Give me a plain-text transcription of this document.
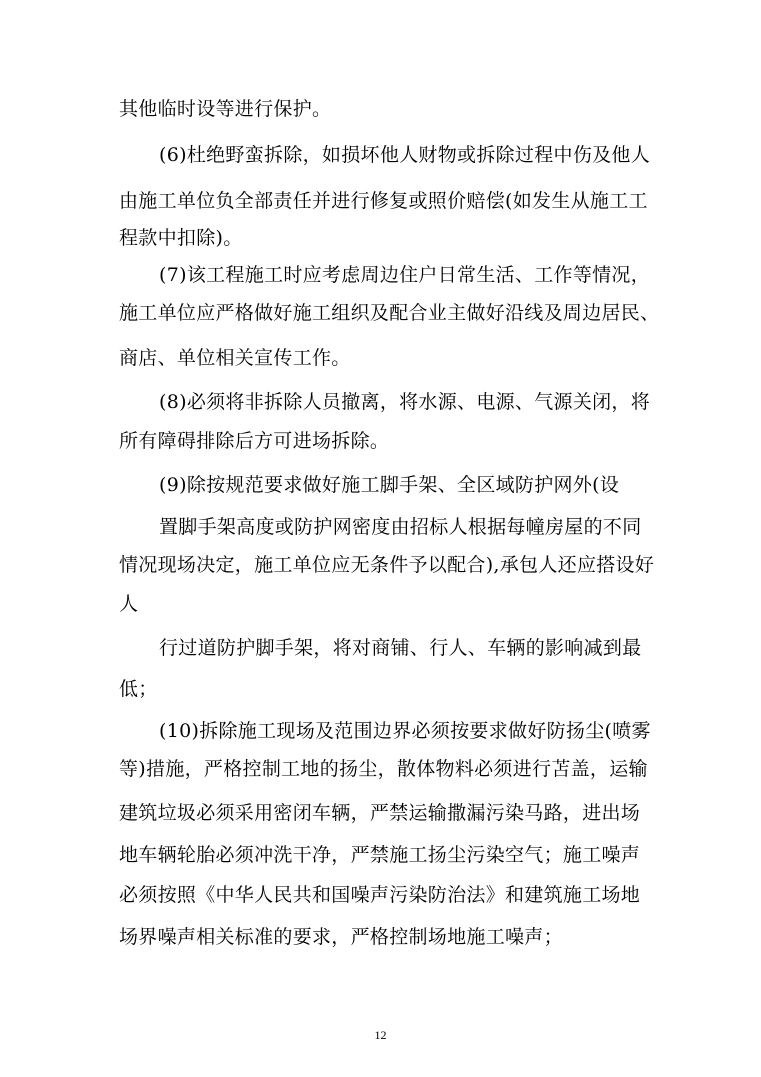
其他临时设等进行保护。
(6)杜绝野蛮拆除，如损坏他人财物或拆除过程中伤及他人
由施工单位负全部责任并进行修复或照价赔偿(如发生从施工工
程款中扣除)。
(7)该工程施工时应考虑周边住户日常生活、工作等情况，
施工单位应严格做好施工组织及配合业主做好沿线及周边居民、
商店、单位相关宣传工作。
(8)必须将非拆除人员撤离，将水源、电源、气源关闭，将
所有障碍排除后方可进场拆除。
(9)除按规范要求做好施工脚手架、全区域防护网外(设
置脚手架高度或防护网密度由招标人根据每幢房屋的不同
情况现场决定，施工单位应无条件予以配合),承包人还应搭设好
人
行过道防护脚手架，将对商铺、行人、车辆的影响减到最
低；
(10)拆除施工现场及范围边界必须按要求做好防扬尘(喷雾
等)措施，严格控制工地的扬尘，散体物料必须进行苫盖，运输
建筑垃圾必须采用密闭车辆，严禁运输撒漏污染马路，进出场
地车辆轮胎必须冲洗干净，严禁施工扬尘污染空气；施工噪声
必须按照《中华人民共和国噪声污染防治法》和建筑施工场地
场界噪声相关标准的要求，严格控制场地施工噪声；
12
